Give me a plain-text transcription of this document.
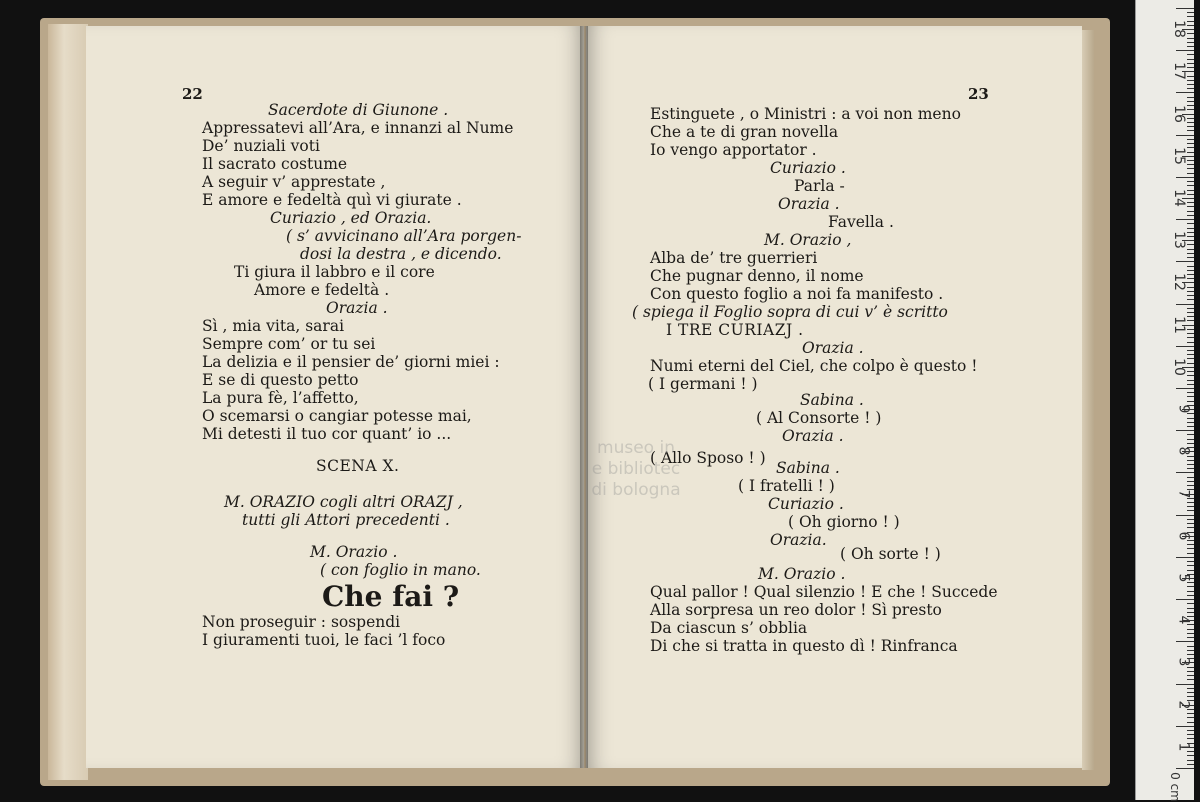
22
Sacerdote di Giunone .
Appressatevi all’Ara, e innanzi al Nume
De’ nuziali voti
Il sacrato costume
A seguir v’ apprestate ,
E amore e fedeltà quì vi giurate .
Curiazio , ed Orazia.
( s’ avvicinano all’Ara porgen-
dosi la destra , e dicendo.
Ti giura il labbro e il core
Amore e fedeltà .
Orazia .
Sì , mia vita, sarai
Sempre com’ or tu sei
La delizia e il pensier de’ giorni miei :
E se di questo petto
La pura fè, l’affetto,
O scemarsi o cangiar potesse mai,
Mi detesti il tuo cor quant’ io ...
SCENA X.
M. ORAZIO cogli altri ORAZJ ,
tutti gli Attori precedenti .
M. Orazio .
( con foglio in mano.
Che fai ?
Non proseguir : sospendi
I giuramenti tuoi, le faci ’l foco
23
Estinguete , o Ministri : a voi non meno
Che a te di gran novella
Io vengo apportator .
Curiazio .
Parla -
Orazia .
Favella .
M. Orazio ,
Alba de’ tre guerrieri
Che pugnar denno, il nome
Con questo foglio a noi fa manifesto .
( spiega il Foglio sopra di cui v’ è scritto
I TRE CURIAZJ .
Orazia .
Numi eterni del Ciel, che colpo è questo !
( I germani ! )
Sabina .
( Al Consorte ! )
Orazia .
( Allo Sposo ! )
Sabina .
( I fratelli ! )
Curiazio .
( Oh giorno ! )
Orazia.
( Oh sorte ! )
M. Orazio .
Qual pallor ! Qual silenzio ! E che ! Succede
Alla sorpresa un reo dolor ! Sì presto
Da ciascun s’ obblia
Di che si tratta in questo dì ! Rinfranca
museo in
e bibliotec
di bologna
0 cm
18
17
16
15
14
13
12
11
10
9
8
7
6
5
4
3
2
1
